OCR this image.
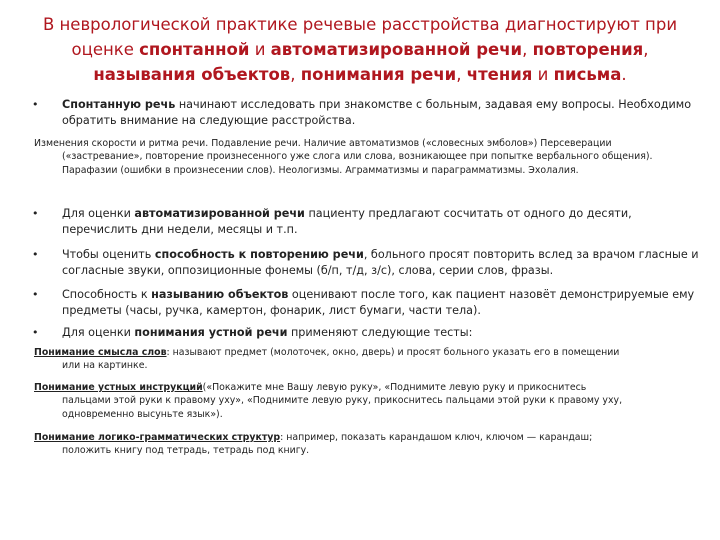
В неврологической практике речевые расстройства диагностируют при оценке спонтанной и автоматизированной речи, повторения, называния объектов, понимания речи, чтения и письма.
•	Спонтанную речь начинают исследовать при знакомстве с больным, задавая ему вопросы. Необходимо обратить внимание на следующие расстройства.
Изменения скорости и ритма речи. Подавление речи. Наличие автоматизмов («словесных эмболов») Персеверации
(«застревание», повторение произнесенного уже слога или слова, возникающее при попытке вербального общения). Парафазии (ошибки в произнесении слов). Неологизмы. Аграмматизмы и параграмматизмы. Эхолалия.
•	Для оценки автоматизированной речи пациенту предлагают сосчитать от одного до десяти, перечислить дни недели, месяцы и т.п.
•	Чтобы оценить способность к повторению речи, больного просят повторить вслед за врачом гласные и согласные звуки, оппозиционные фонемы (б/п, т/д, з/с), слова, серии слов, фразы.
•	Способность к называнию объектов оценивают после того, как пациент назовёт демонстрируемые ему предметы (часы, ручка, камертон, фонарик, лист бумаги, части тела).
•	Для оценки понимания устной речи применяют следующие тесты:
Понимание смысла слов: называют предмет (молоточек, окно, дверь) и просят больного указать его в помещении
или на картинке.
Понимание устных инструкций(«Покажите мне Вашу левую руку», «Поднимите левую руку и прикоснитесь
пальцами этой руки к правому уху», «Поднимите левую руку, прикоснитесь пальцами этой руки к правому уху, одновременно высуньте язык»).
Понимание логико-грамматических структур: например, показать карандашом ключ, ключом — карандаш;
положить книгу под тетрадь, тетрадь под книгу.
